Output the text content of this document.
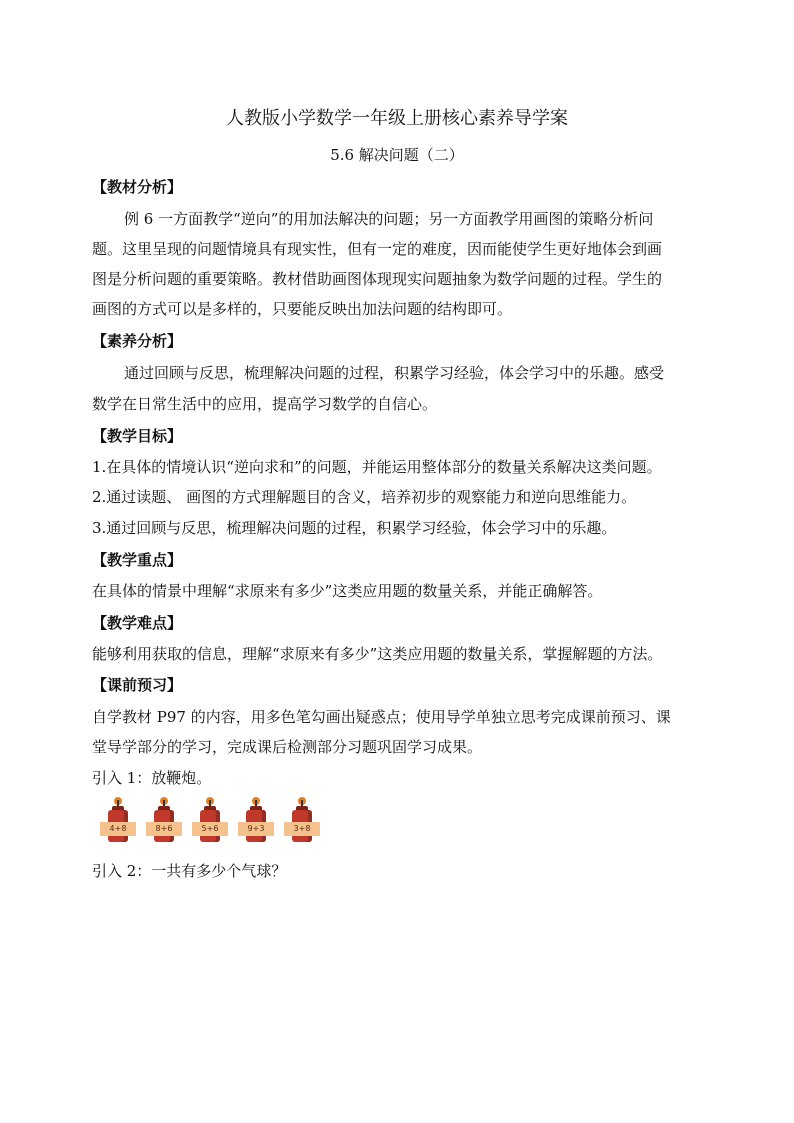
人教版小学数学一年级上册核心素养导学案
5.6 解决问题（二）
【教材分析】
例 6 一方面教学“逆向”的用加法解决的问题；另一方面教学用画图的策略分析问
题。这里呈现的问题情境具有现实性，但有一定的难度，因而能使学生更好地体会到画
图是分析问题的重要策略。教材借助画图体现现实问题抽象为数学问题的过程。学生的
画图的方式可以是多样的，只要能反映出加法问题的结构即可。
【素养分析】
通过回顾与反思，梳理解决问题的过程，积累学习经验，体会学习中的乐趣。感受
数学在日常生活中的应用，提高学习数学的自信心。
【教学目标】
1.在具体的情境认识“逆向求和”的问题，并能运用整体部分的数量关系解决这类问题。
2.通过读题、 画图的方式理解题目的含义，培养初步的观察能力和逆向思维能力。
3.通过回顾与反思，梳理解决问题的过程，积累学习经验，体会学习中的乐趣。
【教学重点】
在具体的情景中理解“求原来有多少”这类应用题的数量关系，并能正确解答。
【教学难点】
能够利用获取的信息，理解“求原来有多少”这类应用题的数量关系，掌握解题的方法。
【课前预习】
自学教材 P97 的内容，用多色笔勾画出疑惑点；使用导学单独立思考完成课前预习、课
堂导学部分的学习，完成课后检测部分习题巩固学习成果。
引入 1：放鞭炮。
4+8	8+6	5+6	9+3	3+8
引入 2：一共有多少个气球？
